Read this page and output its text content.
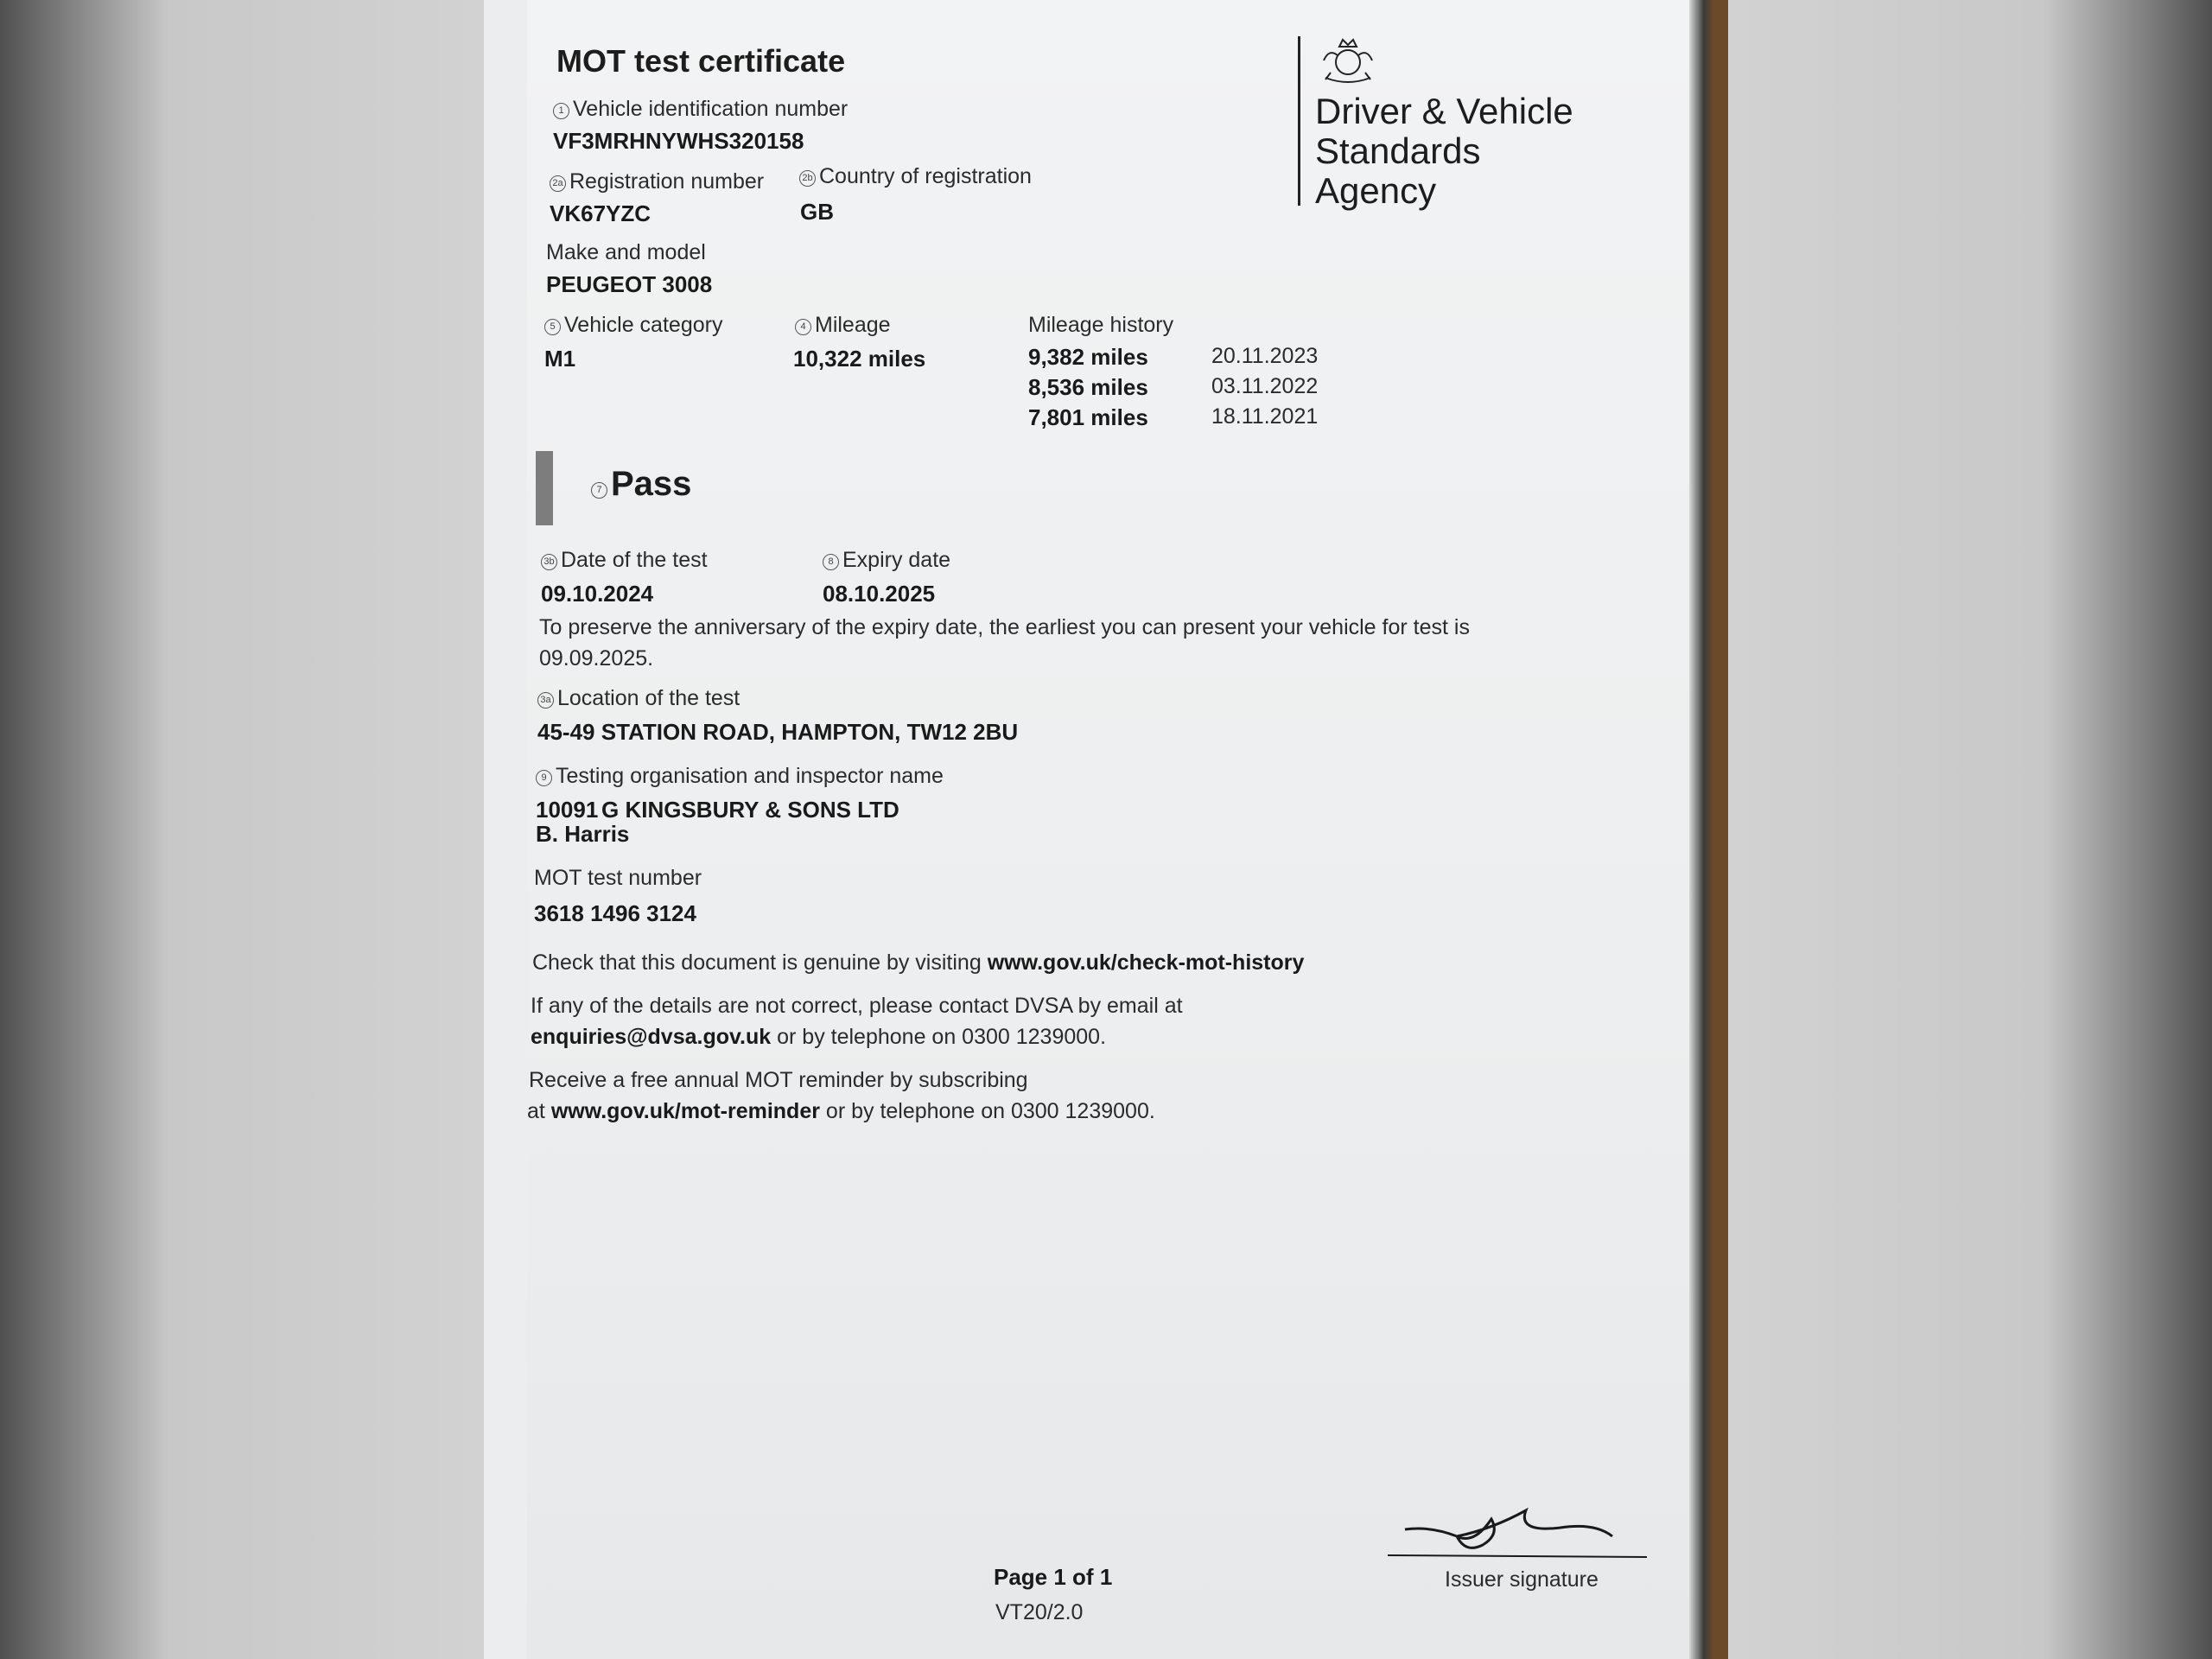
MOT test certificate
Driver & Vehicle
Standards
Agency
1 Vehicle identification number
VF3MRHNYWHS320158
2a Registration number
VK67YZC
2b Country of registration
GB
Make and model
PEUGEOT 3008
5 Vehicle category
M1
4 Mileage
10,322 miles
Mileage history
9,382 miles	20.11.2023
8,536 miles	03.11.2022
7,801 miles	18.11.2021
7 Pass
3b Date of the test
09.10.2024
8 Expiry date
08.10.2025
To preserve the anniversary of the expiry date, the earliest you can present your vehicle for test is
09.09.2025.
3a Location of the test
45-49 STATION ROAD, HAMPTON, TW12 2BU
9 Testing organisation and inspector name
10091 G KINGSBURY & SONS LTD
B. Harris
MOT test number
3618 1496 3124
Check that this document is genuine by visiting www.gov.uk/check-mot-history
If any of the details are not correct, please contact DVSA by email at
enquiries@dvsa.gov.uk or by telephone on 0300 1239000.
Receive a free annual MOT reminder by subscribing
at www.gov.uk/mot-reminder or by telephone on 0300 1239000.
Page 1 of 1
VT20/2.0
Issuer signature
